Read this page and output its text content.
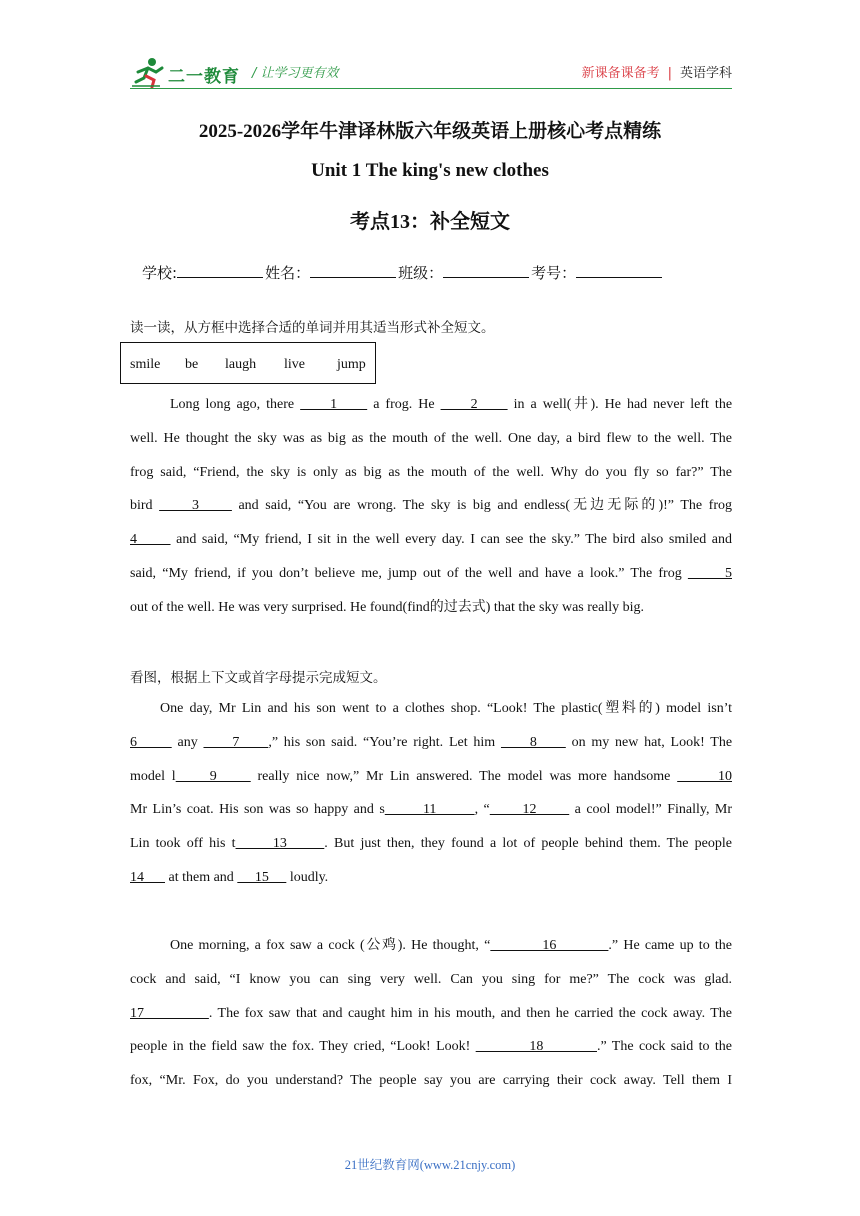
二一教育 / 让学习更有效	新课备课备考 | 英语学科
2025-2026学年牛津译林版六年级英语上册核心考点精练
Unit 1 The king's new clothes
考点13：补全短文
学校:	姓名：	班级：	考号：
读一读，从方框中选择合适的单词并用其适当形式补全短文。
smile be laugh live jump
Long long ago, there      1      a frog. He      2      in a well(井). He had never left the
well. He thought the sky was as big as the mouth of the well. One day, a bird flew to the well. The
frog said, “Friend, the sky is only as big as the mouth of the well. Why do you fly so far?” The
bird      3      and said, “You are wrong. The sky is big and endless(无边无际的)!” The frog
4       and said, “My friend, I sit in the well every day. I can see the sky.” The bird also smiled and
said, “My friend, if you don’t believe me, jump out of the well and have a look.” The frog       5
out of the well. He was very surprised. He found(find的过去式) that the sky was really big.
看图，根据上下文或首字母提示完成短文。
One day, Mr Lin and his son went to a clothes shop. “Look! The plastic(塑料的) model isn’t
6       any      7     ,” his son said. “You’re right. Let him      8      on my new hat, Look! The
model l     9      really nice now,” Mr Lin answered. The model was more handsome       10
Mr Lin’s coat. His son was so happy and s       11       , “      12       a cool model!” Finally, Mr
Lin took off his t      13      . But just then, they found a lot of people behind them. The people
14       at them and      15      loudly.
One morning, a fox saw a cock (公鸡). He thought, “          16          .” He came up to the
cock and said, “I know you can sing very well. Can you sing for me?” The cock was glad.
17            . The fox saw that and caught him in his mouth, and then he carried the cock away. The
people in the field saw the fox. They cried, “Look! Look!           18          .” The cock said to the
fox, “Mr. Fox, do you understand? The people say you are carrying their cock away. Tell them I
21世纪教育网(www.21cnjy.com)
